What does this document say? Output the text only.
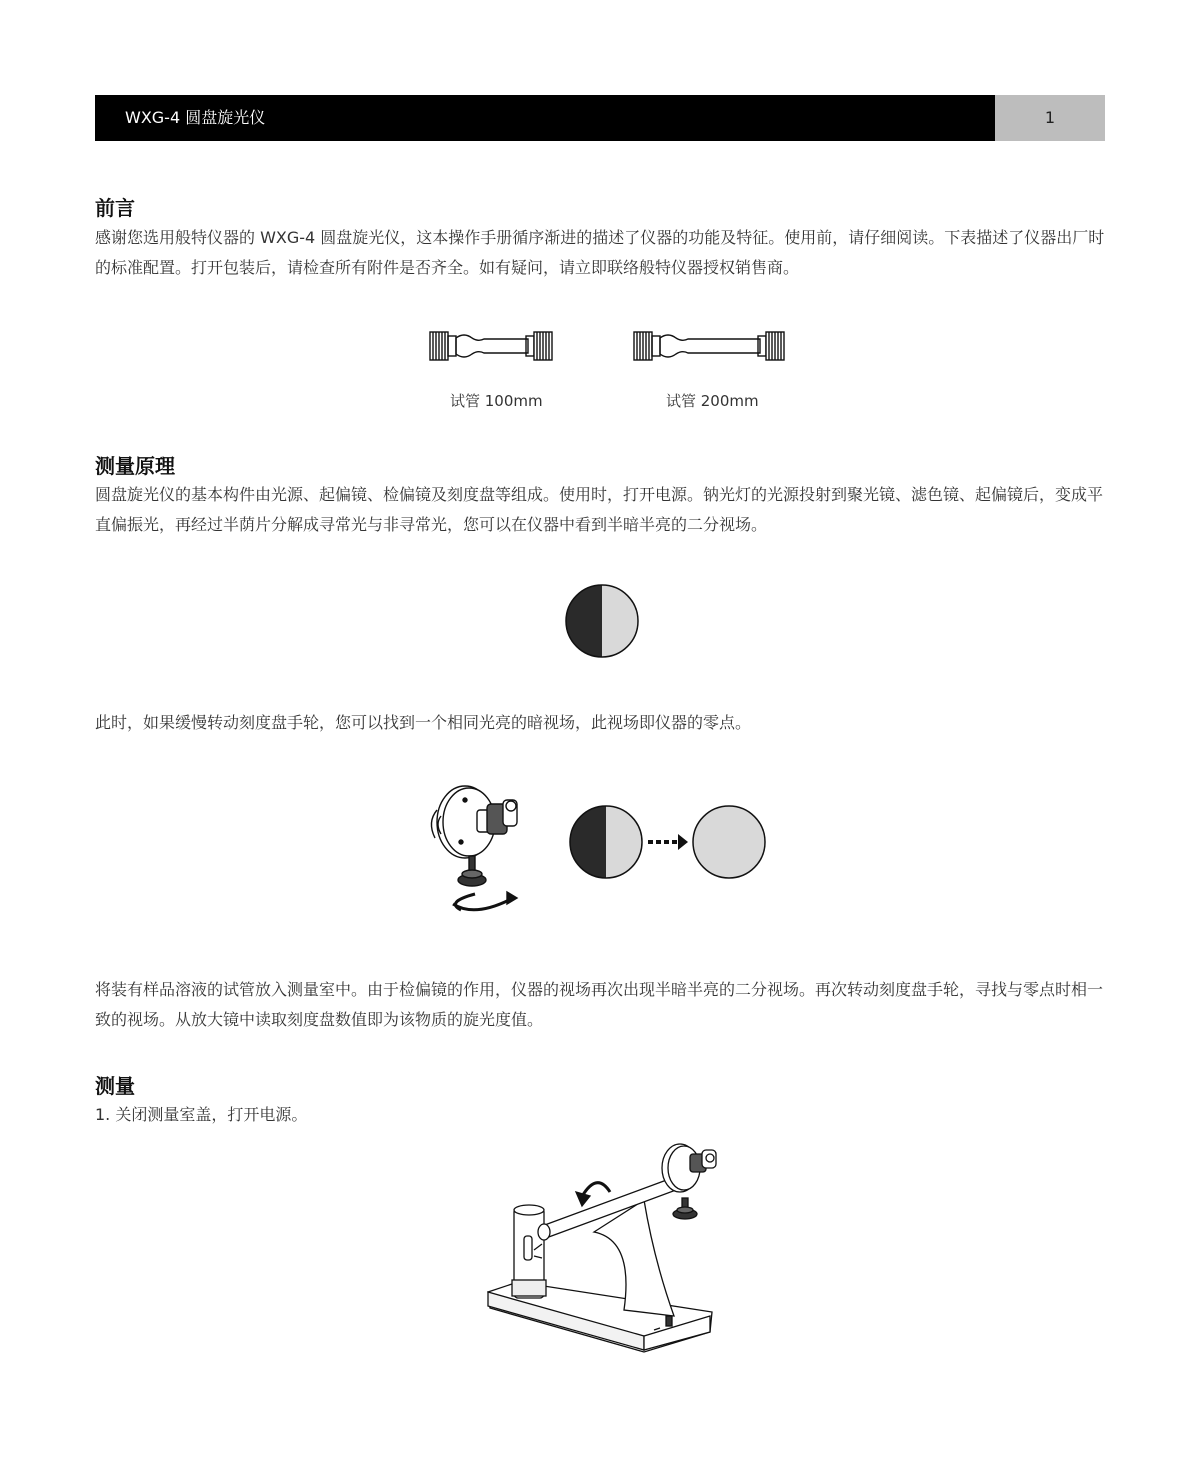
WXG-4 圆盘旋光仪	1
前言

感谢您选用般特仪器的 WXG-4 圆盘旋光仪，这本操作手册循序渐进的描述了仪器的功能及特征。使用前，请仔细阅读。下表描述了仪器出厂时的标准配置。打开包装后，请检查所有附件是否齐全。如有疑问，请立即联络般特仪器授权销售商。

试管 100mm	试管 200mm
测量原理

圆盘旋光仪的基本构件由光源、起偏镜、检偏镜及刻度盘等组成。使用时，打开电源。钠光灯的光源投射到聚光镜、滤色镜、起偏镜后，变成平直偏振光，再经过半荫片分解成寻常光与非寻常光，您可以在仪器中看到半暗半亮的二分视场。

此时，如果缓慢转动刻度盘手轮，您可以找到一个相同光亮的暗视场，此视场即仪器的零点。

将装有样品溶液的试管放入测量室中。由于检偏镜的作用，仪器的视场再次出现半暗半亮的二分视场。再次转动刻度盘手轮，寻找与零点时相一致的视场。从放大镜中读取刻度盘数值即为该物质的旋光度值。

测量

1. 关闭测量室盖，打开电源。
